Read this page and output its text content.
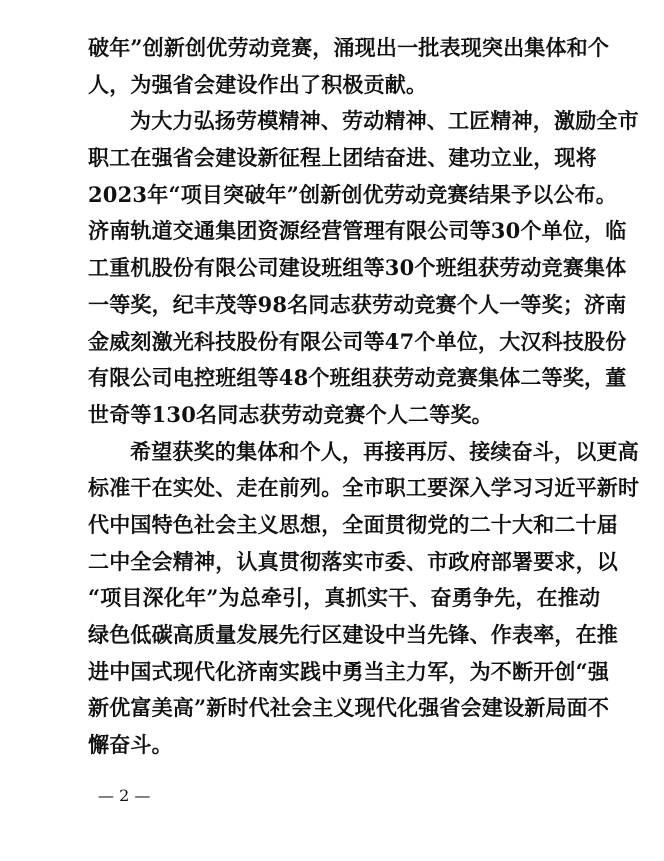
破年”创新创优劳动竞赛，涌现出一批表现突出集体和个
人，为强省会建设作出了积极贡献。
为大力弘扬劳模精神、劳动精神、工匠精神，激励全市
职工在强省会建设新征程上团结奋进、建功立业，现将
2023年“项目突破年”创新创优劳动竞赛结果予以公布。
济南轨道交通集团资源经营管理有限公司等30个单位，临
工重机股份有限公司建设班组等30个班组获劳动竞赛集体
一等奖，纪丰茂等98名同志获劳动竞赛个人一等奖；济南
金威刻激光科技股份有限公司等47个单位，大汉科技股份
有限公司电控班组等48个班组获劳动竞赛集体二等奖，董
世奇等130名同志获劳动竞赛个人二等奖。
希望获奖的集体和个人，再接再厉、接续奋斗，以更高
标准干在实处、走在前列。全市职工要深入学习习近平新时
代中国特色社会主义思想，全面贯彻党的二十大和二十届
二中全会精神，认真贯彻落实市委、市政府部署要求，以
“项目深化年”为总牵引，真抓实干、奋勇争先，在推动
绿色低碳高质量发展先行区建设中当先锋、作表率，在推
进中国式现代化济南实践中勇当主力军，为不断开创“强
新优富美高”新时代社会主义现代化强省会建设新局面不
懈奋斗。
— 2 —
